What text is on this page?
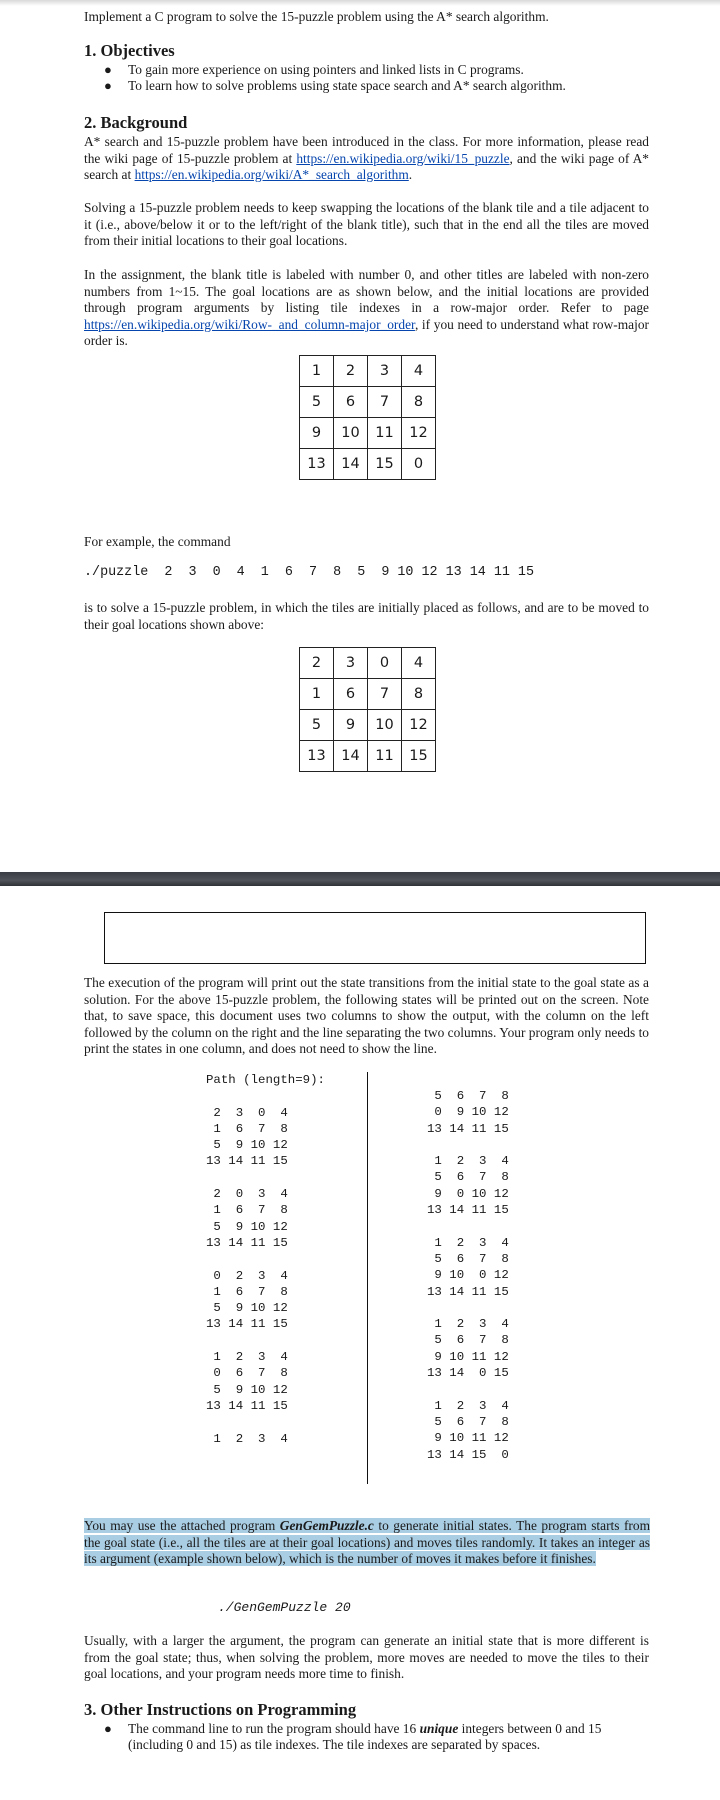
Implement a C program to solve the 15-puzzle problem using the A* search algorithm.

1. Objectives
● To gain more experience on using pointers and linked lists in C programs.
● To learn how to solve problems using state space search and A* search algorithm.
2. Background

A* search and 15-puzzle problem have been introduced in the class. For more information, please read the wiki page of 15-puzzle problem at https://en.wikipedia.org/wiki/15_puzzle, and the wiki page of A* search at https://en.wikipedia.org/wiki/A*_search_algorithm.

Solving a 15-puzzle problem needs to keep swapping the locations of the blank tile and a tile adjacent to it (i.e., above/below it or to the left/right of the blank title), such that in the end all the tiles are moved from their initial locations to their goal locations.

In the assignment, the blank title is labeled with number 0, and other titles are labeled with non-zero numbers from 1~15. The goal locations are as shown below, and the initial locations are provided through program arguments by listing tile indexes in a row-major order. Refer to page https://en.wikipedia.org/wiki/Row-_and_column-major_order, if you need to understand what row-major order is.

1	2	3	4
5	6	7	8
9	10	11	12
13	14	15	0

For example, the command

./puzzle  2  3  0  4  1  6  7  8  5  9 10 12 13 14 11 15

is to solve a 15-puzzle problem, in which the tiles are initially placed as follows, and are to be moved to their goal locations shown above:

2	3	0	4
1	6	7	8
5	9	10	12
13	14	11	15

The execution of the program will print out the state transitions from the initial state to the goal state as a solution. For the above 15-puzzle problem, the following states will be printed out on the screen. Note that, to save space, this document uses two columns to show the output, with the column on the left followed by the column on the right and the line separating the two columns. Your program only needs to print the states in one column, and does not need to show the line.

Path (length=9):

2  3  0  4
1  6  7  8
5  9 10 12
13 14 11 15

2  0  3  4
1  6  7  8
5  9 10 12
13 14 11 15

0  2  3  4
1  6  7  8
5  9 10 12
13 14 11 15

1  2  3  4
0  6  7  8
5  9 10 12
13 14 11 15

1  2  3  4
5  6  7  8
0  9 10 12
13 14 11 15

1  2  3  4
5  6  7  8
9  0 10 12
13 14 11 15

1  2  3  4
5  6  7  8
9 10  0 12
13 14 11 15

1  2  3  4
5  6  7  8
9 10 11 12
13 14  0 15

1  2  3  4
5  6  7  8
9 10 11 12
13 14 15  0
You may use the attached program GenGemPuzzle.c to generate initial states. The program starts from the goal state (i.e., all the tiles are at their goal locations) and moves tiles randomly. It takes an integer as its argument (example shown below), which is the number of moves it makes before it finishes.
./GenGemPuzzle 20

Usually, with a larger the argument, the program can generate an initial state that is more different is from the goal state; thus, when solving the problem, more moves are needed to move the tiles to their goal locations, and your program needs more time to finish.

3. Other Instructions on Programming
● The command line to run the program should have 16 unique integers between 0 and 15 (including 0 and 15) as tile indexes. The tile indexes are separated by spaces.
